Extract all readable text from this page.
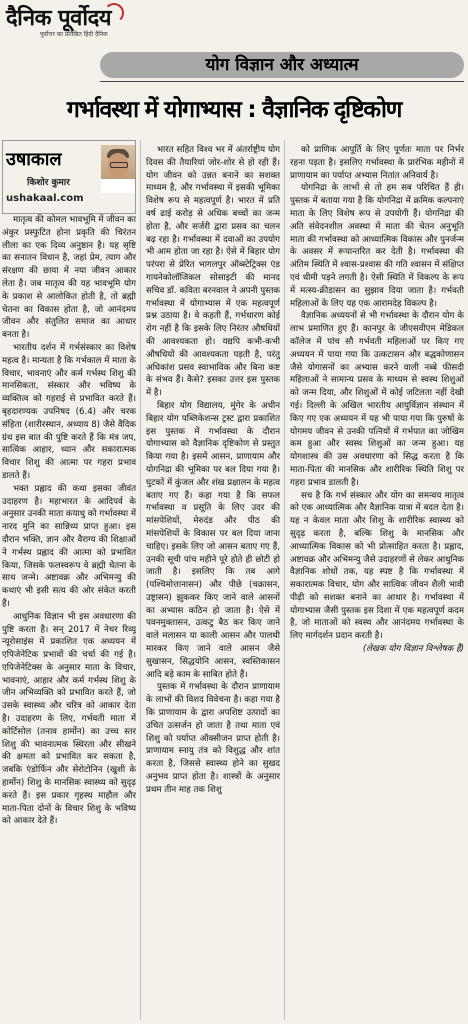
दैनिक पूर्वोदय
पूर्वोत्तर का प्रतिष्ठित हिंदी दैनिक
योग विज्ञान और अध्यात्म
गर्भावस्था में योगाभ्यास : वैज्ञानिक दृष्टिकोण
उषाकाल
किशोर कुमार
ushakaal.com

मातृत्व की कोमल भावभूमि में जीवन का अंकुर प्रस्फुटित होना प्रकृति की चिरंतन लीला का एक दिव्य अनुष्ठान है। यह सृष्टि का सनातन विधान है, जहां प्रेम, त्याग और संरक्षण की छाया में नया जीवन आकार लेता है। जब मातृत्व की यह भावभूमि योग के प्रकाश से आलोकित होती है, तो ब्रह्मी चेतना का विकास होता है, जो आनंदमय जीवन और संतुलित समाज का आधार बनता है।

भारतीय दर्शन में गर्भसंस्कार का विशेष महत्व है। मान्यता है कि गर्भकाल में माता के विचार, भावनाएं और कर्म गर्भस्थ शिशु की मानसिकता, संस्कार और भविष्य के व्यक्तित्व को गहराई से प्रभावित करते हैं। बृहदारण्यक उपनिषद (6.4) और चरक संहिता (शारीरस्थान, अध्याय 8) जैसे वैदिक ग्रंथ इस बात की पुष्टि करते हैं कि मंत्र जप, सात्विक आहार, ध्यान और सकारात्मक विचार शिशु की आत्मा पर गहरा प्रभाव डालते हैं।

भक्त प्रह्लाद की कथा इसका जीवंत उदाहरण है। महाभारत के आदिपर्व के अनुसार उनकी माता कयाधु को गर्भावस्था में नारद मुनि का सान्निध्य प्राप्त हुआ। इस दौरान भक्ति, ज्ञान और वैराग्य की शिक्षाओं ने गर्भस्थ प्रह्लाद की आत्मा को प्रभावित किया, जिसके फलस्वरूप वे ब्रह्मी चेतना के साथ जन्मे। अष्टावक्र और अभिमन्यु की कथाएं भी इसी सत्य की ओर संकेत करती हैं।

आधुनिक विज्ञान भी इस अवधारणा की पुष्टि करता है। सन् 2017 में नेचर रिव्यू न्यूरोसाइंस में प्रकाशित एक अध्ययन में एपिजेनेटिक प्रभावों की चर्चा की गई है। एपिजेनेटिक्स के अनुसार माता के विचार, भावनाएं, आहार और कर्म गर्भस्थ शिशु के जीन अभिव्यक्ति को प्रभावित करते हैं, जो उसके स्वास्थ्य और चरित्र को आकार देता है। उदाहरण के लिए, गर्भवती माता में कोर्टिसोल (तनाव हार्मोन) का उच्च स्तर शिशु की भावनात्मक स्थिरता और सीखने की क्षमता को प्रभावित कर सकता है, जबकि एंडोर्फिन और सेरोटोनिन (खुशी के हार्मोन) शिशु के मानसिक स्वास्थ्य को सुदृढ़ करते हैं। इस प्रकार गृहस्थ माहौल और माता-पिता दोनों के विचार शिशु के भविष्य को आकार देते हैं।

भारत सहित विश्व भर में अंतर्राष्ट्रीय योग दिवस की तैयारियां जोर-शोर से हो रही हैं। योग जीवन को उन्नत बनाने का सशक्त माध्यम है, और गर्भावस्था में इसकी भूमिका विशेष रूप से महत्वपूर्ण है। भारत में प्रति वर्ष ढाई करोड़ से अधिक बच्चों का जन्म होता है, और सर्जरी द्वारा प्रसव का चलन बढ़ रहा है। गर्भावस्था में दवाओं का उपयोग भी आम होता जा रहा है। ऐसे में बिहार योग परंपरा से प्रेरित भागलपुर ऑब्स्टेट्रिक्स एंड गायनेकोलॉजिकल सोसाइटी की मानद सचिव डॉ. कविता बरनवाल ने अपनी पुस्तक गर्भावस्था में योगाभ्यास में एक महत्वपूर्ण प्रश्न उठाया है। वे कहती हैं, गर्भधारण कोई रोग नहीं है कि इसके लिए निरंतर औषधियों की आवश्यकता हो। यद्यपि कभी-कभी औषधियों की आवश्यकता पड़ती है, परंतु अधिकांश प्रसव स्वाभाविक और बिना कष्ट के संभव हैं। कैसे? इसका उत्तर इस पुस्तक में है।

बिहार योग विद्यालय, मुंगेर के अधीन बिहार योग पब्लिकेशन्स ट्रस्ट द्वारा प्रकाशित इस पुस्तक में गर्भावस्था के दौरान योगाभ्यास को वैज्ञानिक दृष्टिकोण से प्रस्तुत किया गया है। इसमें आसन, प्राणायाम और योगनिद्रा की भूमिका पर बल दिया गया है। घुटकों में कुंजल और शंख प्रक्षालन के महत्व बताए गए हैं। कहा गया है कि सफल गर्भावस्था व प्रसूति के लिए उदर की मांसपेशियों, मेरुदंड और पीठ की मांसपेशियों के विकास पर बल दिया जाना चाहिए। इसके लिए जो आसन बताए गए हैं, उनकी सूची पांच महीने पूरे होते ही छोटी हो जाती है। इसलिए कि तब आगे (पश्चिमोत्तानासन) और पीछे (चक्रासन, उष्ट्रासन) झुककर किए जाने वाले आसनों का अभ्यास कठिन हो जाता है। ऐसे में पवनमुक्तासन, उत्कटु बैठ कर किए जाने वाले मलासन या काली आसन और पालथी मारकर किए जाने वाले आसन जैसे सुखासन, सिद्धयोनि आसन, स्वस्तिकासन आदि बड़े काम के साबित होते हैं।

पुस्तक में गर्भावस्था के दौरान प्राणायाम के लाभों की विशद विवेचना है। कहा गया है कि प्राणायाम के द्वारा अपशिष्ट उत्पादों का उचित उत्सर्जन हो जाता है तथा माता एवं शिशु को पर्याप्त ऑक्सीजन प्राप्त होती है। प्राणायाम स्नायु तंत्र को विशुद्ध और शांत करता है, जिससे स्वास्थ्य होने का सुखद अनुभव प्राप्त होता है। शास्त्रों के अनुसार प्रथम तीन माह तक शिशु

को प्राणिक आपूर्ति के लिए पूर्णतः माता पर निर्भर रहना पड़ता है। इसलिए गर्भावस्था के प्रारंभिक महीनों में प्राणायाम का पर्याप्त अभ्यास नितांत अनिवार्य है।

योगनिद्रा के लाभों से तो हम सब परिचित हैं ही। पुस्तक में बताया गया है कि योगनिद्रा में क्रमिक कल्पनाएं माता के लिए विशेष रूप से उपयोगी हैं। योगनिद्रा की अति संवेदनशील अवस्था में माता की चेतन अनुभूति माता की गर्भावस्था को आध्यात्मिक विकास और पुनर्जन्म के अवसर में रूपान्तरित कर देती है। गर्भावस्था की अंतिम स्थिति में श्वास-प्रश्वास की गति श्वासन में संक्षिप्त एवं धीमी पड़ने लगती है। ऐसी स्थिति में विकल्प के रूप में मत्स्य-क्रीडासन का सुझाव दिया जाता है। गर्भवती महिलाओं के लिए यह एक आरामदेह विकल्प है।

वैज्ञानिक अध्ययनों से भी गर्भावस्था के दौरान योग के लाभ प्रमाणित हुए हैं। कानपुर के जीएसवीएम मेडिकल कॉलेज में पांच सौ गर्भवती महिलाओं पर किए गए अध्ययन में पाया गया कि उत्कटासन और बद्धकोणासन जैसे योगासनों का अभ्यास करने वाली नब्बे फीसदी महिलाओं ने सामान्य प्रसव के माध्यम से स्वस्थ शिशुओं को जन्म दिया, और शिशुओं में कोई जटिलता नहीं देखी गई। दिल्ली के अखिल भारतीय आयुर्विज्ञान संस्थान में किए गए एक अध्ययन में यह भी पाया गया कि पुरुषों के योगमय जीवन से उनकी पत्नियों में गर्भपात का जोखिम कम हुआ और स्वस्थ शिशुओं का जन्म हुआ। यह योगशास्त्र की उस अवधारणा को सिद्ध करता है कि माता-पिता की मानसिक और शारीरिक स्थिति शिशु पर गहरा प्रभाव डालती है।

सच है कि गर्भ संस्कार और योग का समन्वय मातृत्व को एक आध्यात्मिक और वैज्ञानिक यात्रा में बदल देता है। यह न केवल माता और शिशु के शारीरिक स्वास्थ्य को सुदृढ़ करता है, बल्कि शिशु के मानसिक और आध्यात्मिक विकास को भी प्रोत्साहित करता है। प्रह्लाद, अष्टावक्र और अभिमन्यु जैसे उदाहरणों से लेकर आधुनिक वैज्ञानिक शोधों तक, यह स्पष्ट है कि गर्भावस्था में सकारात्मक विचार, योग और सात्विक जीवन शैली भावी पीढ़ी को सशक्त बनाने का आधार है। गर्भावस्था में योगाभ्यास जैसी पुस्तक इस दिशा में एक महत्वपूर्ण कदम है, जो माताओं को स्वस्थ और आनंदमय गर्भावस्था के लिए मार्गदर्शन प्रदान करती है।

(लेखक योग विज्ञान विश्लेषक हैं)
